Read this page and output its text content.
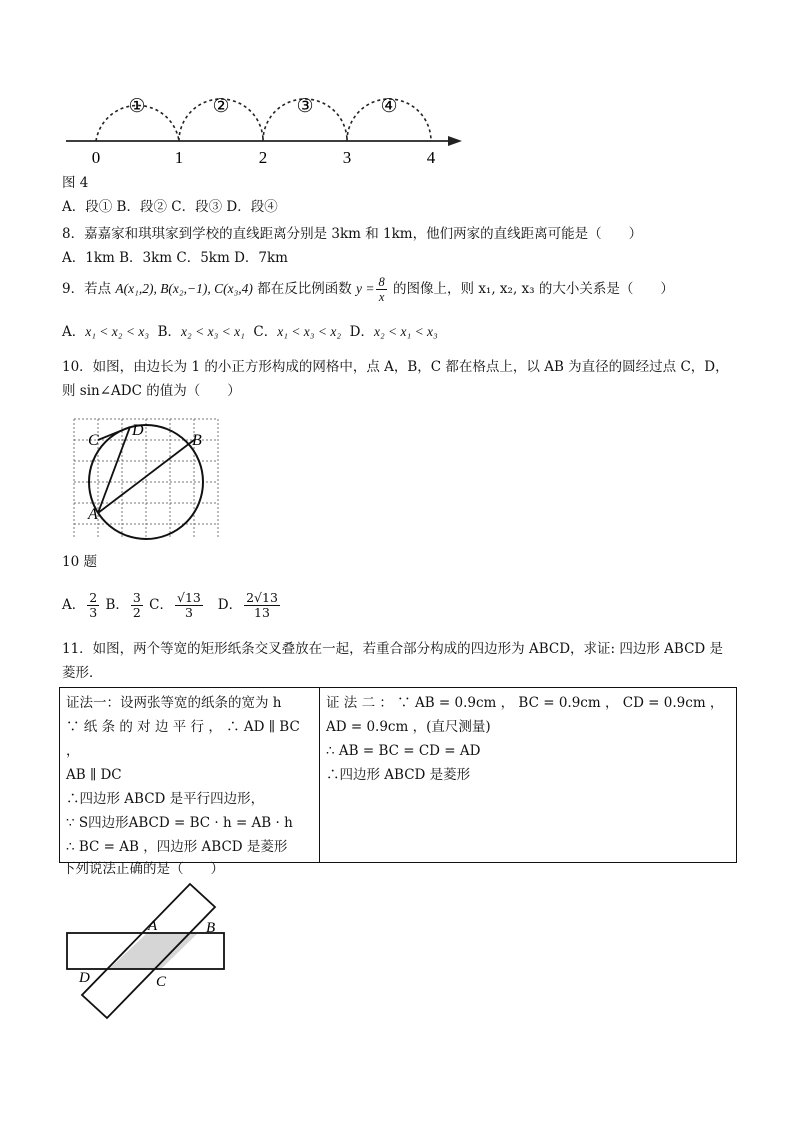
①	②	③	④
0	1	2	3	4
图 4
A．段① B．段② C．段③ D．段④
8．嘉嘉家和琪琪家到学校的直线距离分别是 3km 和 1km，他们两家的直线距离可能是（　　）
A．1km B．3km C．5km D．7km
9．若点 A(x₁,2), B(x₂,−1), C(x₃,4) 都在反比例函数 $y = \frac{8}{x}$ 的图像上，则 x₁, x₂, x₃ 的大小关系是（　　）
A．x₁ < x₂ < x₃ B．x₂ < x₃ < x₁ C．x₁ < x₃ < x₂ D．x₂ < x₁ < x₃
10．如图，由边长为 1 的小正方形构成的网格中，点 A，B，C 都在格点上，以 AB 为直径的圆经过点 C，D，
则 sin∠ADC 的值为（　　）
C
D
B
A
10 题
A． $\frac{2}{3}$ B． $\frac{3}{2}$ C． $\frac{√13}{3}$ D． $\frac{2√13}{13}$
11．如图，两个等宽的矩形纸条交叉叠放在一起，若重合部分构成的四边形为 ABCD，求证: 四边形 ABCD 是
菱形．
证法一：设两张等宽的纸条的宽为 h
∵ 纸 条 的 对 边 平 行 ， ∴ AD ∥ BC ，
AB ∥ DC
∴四边形 ABCD 是平行四边形，
∵ S四边形ABCD = BC · h = AB · h
∴ BC = AB ，四边形 ABCD 是菱形

证 法 二 ： ∵ AB = 0.9cm ， BC = 0.9cm ， CD = 0.9cm ，
AD = 0.9cm ，(直尺测量)
∴ AB = BC = CD = AD
∴四边形 ABCD 是菱形
下列说法正确的是（　　）
A	B
D	C
